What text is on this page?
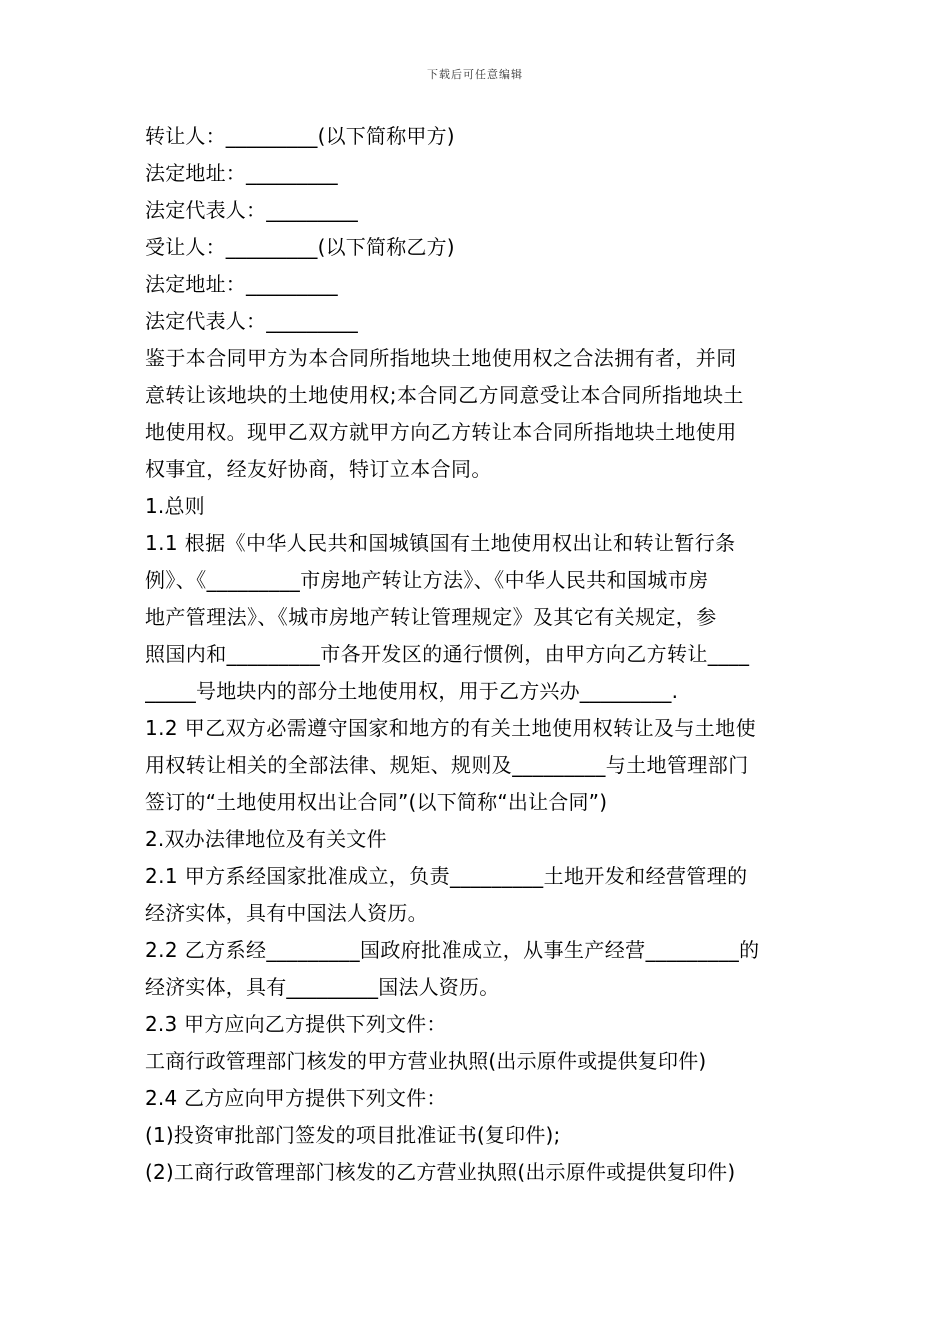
下载后可任意编辑
转让人：_________(以下简称甲方)
法定地址：_________
法定代表人：_________
受让人：_________(以下简称乙方)
法定地址：_________
法定代表人：_________
鉴于本合同甲方为本合同所指地块土地使用权之合法拥有者，并同
意转让该地块的土地使用权;本合同乙方同意受让本合同所指地块土
地使用权。现甲乙双方就甲方向乙方转让本合同所指地块土地使用
权事宜，经友好协商，特订立本合同。
1.总则
1.1 根据《中华人民共和国城镇国有土地使用权出让和转让暂行条
例》、《_________市房地产转让方法》、《中华人民共和国城市房
地产管理法》、《城市房地产转让管理规定》及其它有关规定，参
照国内和_________市各开发区的通行惯例，由甲方向乙方转让____
_____号地块内的部分土地使用权，用于乙方兴办_________.
1.2 甲乙双方必需遵守国家和地方的有关土地使用权转让及与土地使
用权转让相关的全部法律、规矩、规则及_________与土地管理部门
签订的“土地使用权出让合同”(以下简称“出让合同”)
2.双办法律地位及有关文件
2.1 甲方系经国家批准成立，负责_________土地开发和经营管理的
经济实体，具有中国法人资历。
2.2 乙方系经_________国政府批准成立，从事生产经营_________的
经济实体，具有_________国法人资历。
2.3 甲方应向乙方提供下列文件：
工商行政管理部门核发的甲方营业执照(出示原件或提供复印件)
2.4 乙方应向甲方提供下列文件：
(1)投资审批部门签发的项目批准证书(复印件);
(2)工商行政管理部门核发的乙方营业执照(出示原件或提供复印件)
